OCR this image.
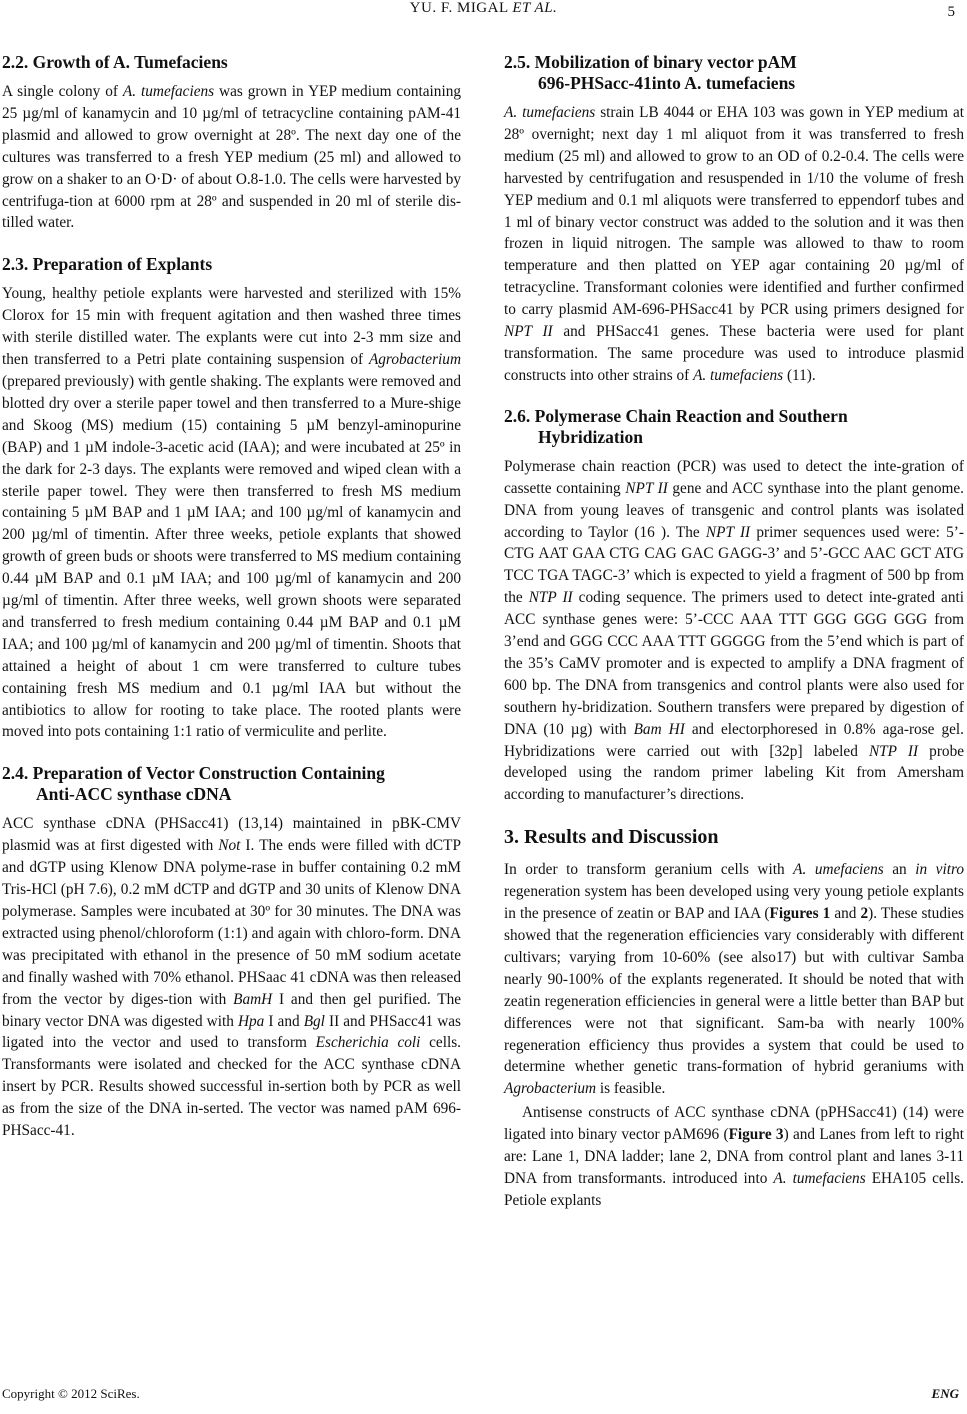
YU. F. MIGAL ET AL.	5
2.2. Growth of A. Tumefaciens

A single colony of A. tumefaciens was grown in YEP medium containing 25 µg/ml of kanamycin and 10 µg/ml of tetracycline containing pAM-41 plasmid and allowed to grow overnight at 28º. The next day one of the cultures was transferred to a fresh YEP medium (25 ml) and allowed to grow on a shaker to an O·D· of about O.8-1.0. The cells were harvested by centrifuga-tion at 6000 rpm at 28º and suspended in 20 ml of sterile dis-tilled water.

2.3. Preparation of Explants

Young, healthy petiole explants were harvested and sterilized with 15% Clorox for 15 min with frequent agitation and then washed three times with sterile distilled water. The explants were cut into 2-3 mm size and then transferred to a Petri plate containing suspension of Agrobacterium (prepared previously) with gentle shaking. The explants were removed and blotted dry over a sterile paper towel and then transferred to a Mure-shige and Skoog (MS) medium (15) containing 5 µM benzyl-aminopurine (BAP) and 1 µM indole-3-acetic acid (IAA); and were incubated at 25º in the dark for 2-3 days. The explants were removed and wiped clean with a sterile paper towel. They were then transferred to fresh MS medium containing 5 µM BAP and 1 µM IAA; and 100 µg/ml of kanamycin and 200 µg/ml of timentin. After three weeks, petiole explants that showed growth of green buds or shoots were transferred to MS medium containing 0.44 µM BAP and 0.1 µM IAA; and 100 µg/ml of kanamycin and 200 µg/ml of timentin. After three weeks, well grown shoots were separated and transferred to fresh medium containing 0.44 µM BAP and 0.1 µM IAA; and 100 µg/ml of kanamycin and 200 µg/ml of timentin. Shoots that attained a height of about 1 cm were transferred to culture tubes containing fresh MS medium and 0.1 µg/ml IAA but without the antibiotics to allow for rooting to take place. The rooted plants were moved into pots containing 1:1 ratio of vermiculite and perlite.

2.4. Preparation of Vector Construction Containing
Anti-ACC synthase cDNA

ACC synthase cDNA (PHSacc41) (13,14) maintained in pBK-CMV plasmid was at first digested with Not I. The ends were filled with dCTP and dGTP using Klenow DNA polyme-rase in buffer containing 0.2 mM Tris-HCl (pH 7.6), 0.2 mM dCTP and dGTP and 30 units of Klenow DNA polymerase. Samples were incubated at 30º for 30 minutes. The DNA was extracted using phenol/chloroform (1:1) and again with chloro-form. DNA was precipitated with ethanol in the presence of 50 mM sodium acetate and finally washed with 70% ethanol. PHSaac 41 cDNA was then released from the vector by diges-tion with BamH I and then gel purified. The binary vector DNA was digested with Hpa I and Bgl II and PHSacc41 was ligated into the vector and used to transform Escherichia coli cells. Transformants were isolated and checked for the ACC synthase cDNA insert by PCR. Results showed successful in-sertion both by PCR as well as from the size of the DNA in-serted. The vector was named pAM 696-PHSacc-41.

2.5. Mobilization of binary vector pAM
696-PHSacc-41into A. tumefaciens

A. tumefaciens strain LB 4044 or EHA 103 was gown in YEP medium at 28º overnight; next day 1 ml aliquot from it was transferred to fresh medium (25 ml) and allowed to grow to an OD of 0.2-0.4. The cells were harvested by centrifugation and resuspended in 1/10 the volume of fresh YEP medium and 0.1 ml aliquots were transferred to eppendorf tubes and 1 ml of binary vector construct was added to the solution and it was then frozen in liquid nitrogen. The sample was allowed to thaw to room temperature and then platted on YEP agar containing 20 µg/ml of tetracycline. Transformant colonies were identified and further confirmed to carry plasmid AM-696-PHSacc41 by PCR using primers designed for NPT II and PHSacc41 genes. These bacteria were used for plant transformation. The same procedure was used to introduce plasmid constructs into other strains of A. tumefaciens (11).

2.6. Polymerase Chain Reaction and Southern
Hybridization

Polymerase chain reaction (PCR) was used to detect the inte-gration of cassette containing NPT II gene and ACC synthase into the plant genome. DNA from young leaves of transgenic and control plants was isolated according to Taylor (16 ). The NPT II primer sequences used were: 5’-CTG AAT GAA CTG CAG GAC GAGG-3’ and 5’-GCC AAC GCT ATG TCC TGA TAGC-3’ which is expected to yield a fragment of 500 bp from the NTP II coding sequence. The primers used to detect inte-grated anti ACC synthase genes were: 5’-CCC AAA TTT GGG GGG GGG from 3’end and GGG CCC AAA TTT GGGGG from the 5’end which is part of the 35’s CaMV promoter and is expected to amplify a DNA fragment of 600 bp. The DNA from transgenics and control plants were also used for southern hy-bridization. Southern transfers were prepared by digestion of DNA (10 µg) with Bam HI and electorphoresed in 0.8% aga-rose gel. Hybridizations were carried out with [32p] labeled NTP II probe developed using the random primer labeling Kit from Amersham according to manufacturer’s directions.

3. Results and Discussion

In order to transform geranium cells with A. umefaciens an in vitro regeneration system has been developed using very young petiole explants in the presence of zeatin or BAP and IAA (Figures 1 and 2). These studies showed that the regeneration efficiencies vary considerably with different cultivars; varying from 10-60% (see also17) but with cultivar Samba nearly 90-100% of the explants regenerated. It should be noted that with zeatin regeneration efficiencies in general were a little better than BAP but differences were not that significant. Sam-ba with nearly 100% regeneration efficiency thus provides a system that could be used to determine whether genetic trans-formation of hybrid geraniums with Agrobacterium is feasible.

Antisense constructs of ACC synthase cDNA (pPHSacc41) (14) were ligated into binary vector pAM696 (Figure 3) and Lanes from left to right are: Lane 1, DNA ladder; lane 2, DNA from control plant and lanes 3-11 DNA from transformants. introduced into A. tumefaciens EHA105 cells. Petiole explants

Copyright © 2012 SciRes.	ENG
